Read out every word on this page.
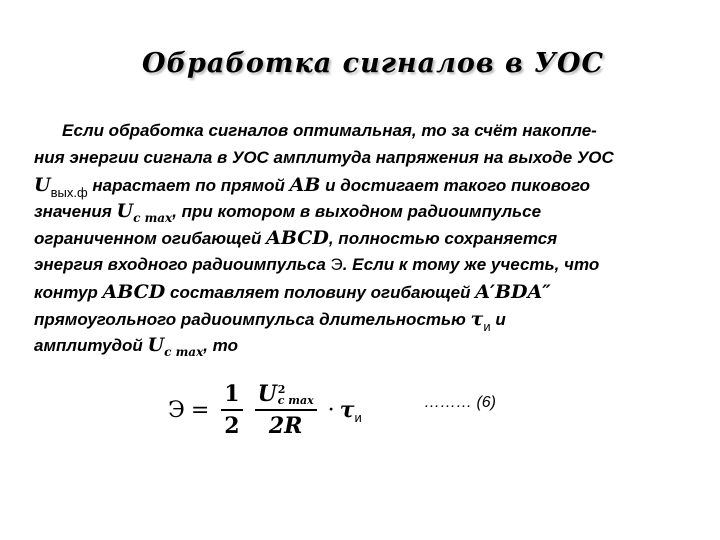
Обработка сигналов в УОС
Если обработка сигналов оптимальная, то за счёт накопле-
ния энергии сигнала в УОС амплитуда напряжения на выходе УОС
$U_{вых.ф}$ нарастает по прямой AB и достигает такого пикового
значения $U_{c max}$, при котором в выходном радиоимпульсе
ограниченном огибающей ABCD, полностью сохраняется
энергия входного радиоимпульса Э. Если к тому же учесть, что
контур ABCD составляет половину огибающей A′BDA″
прямоугольного радиоимпульса длительностью $\tau_и$ и
амплитудой $U_{c max}$, то
$Э = \frac{1}{2}$ U 2
c max
2R · τ и
……… (6)
